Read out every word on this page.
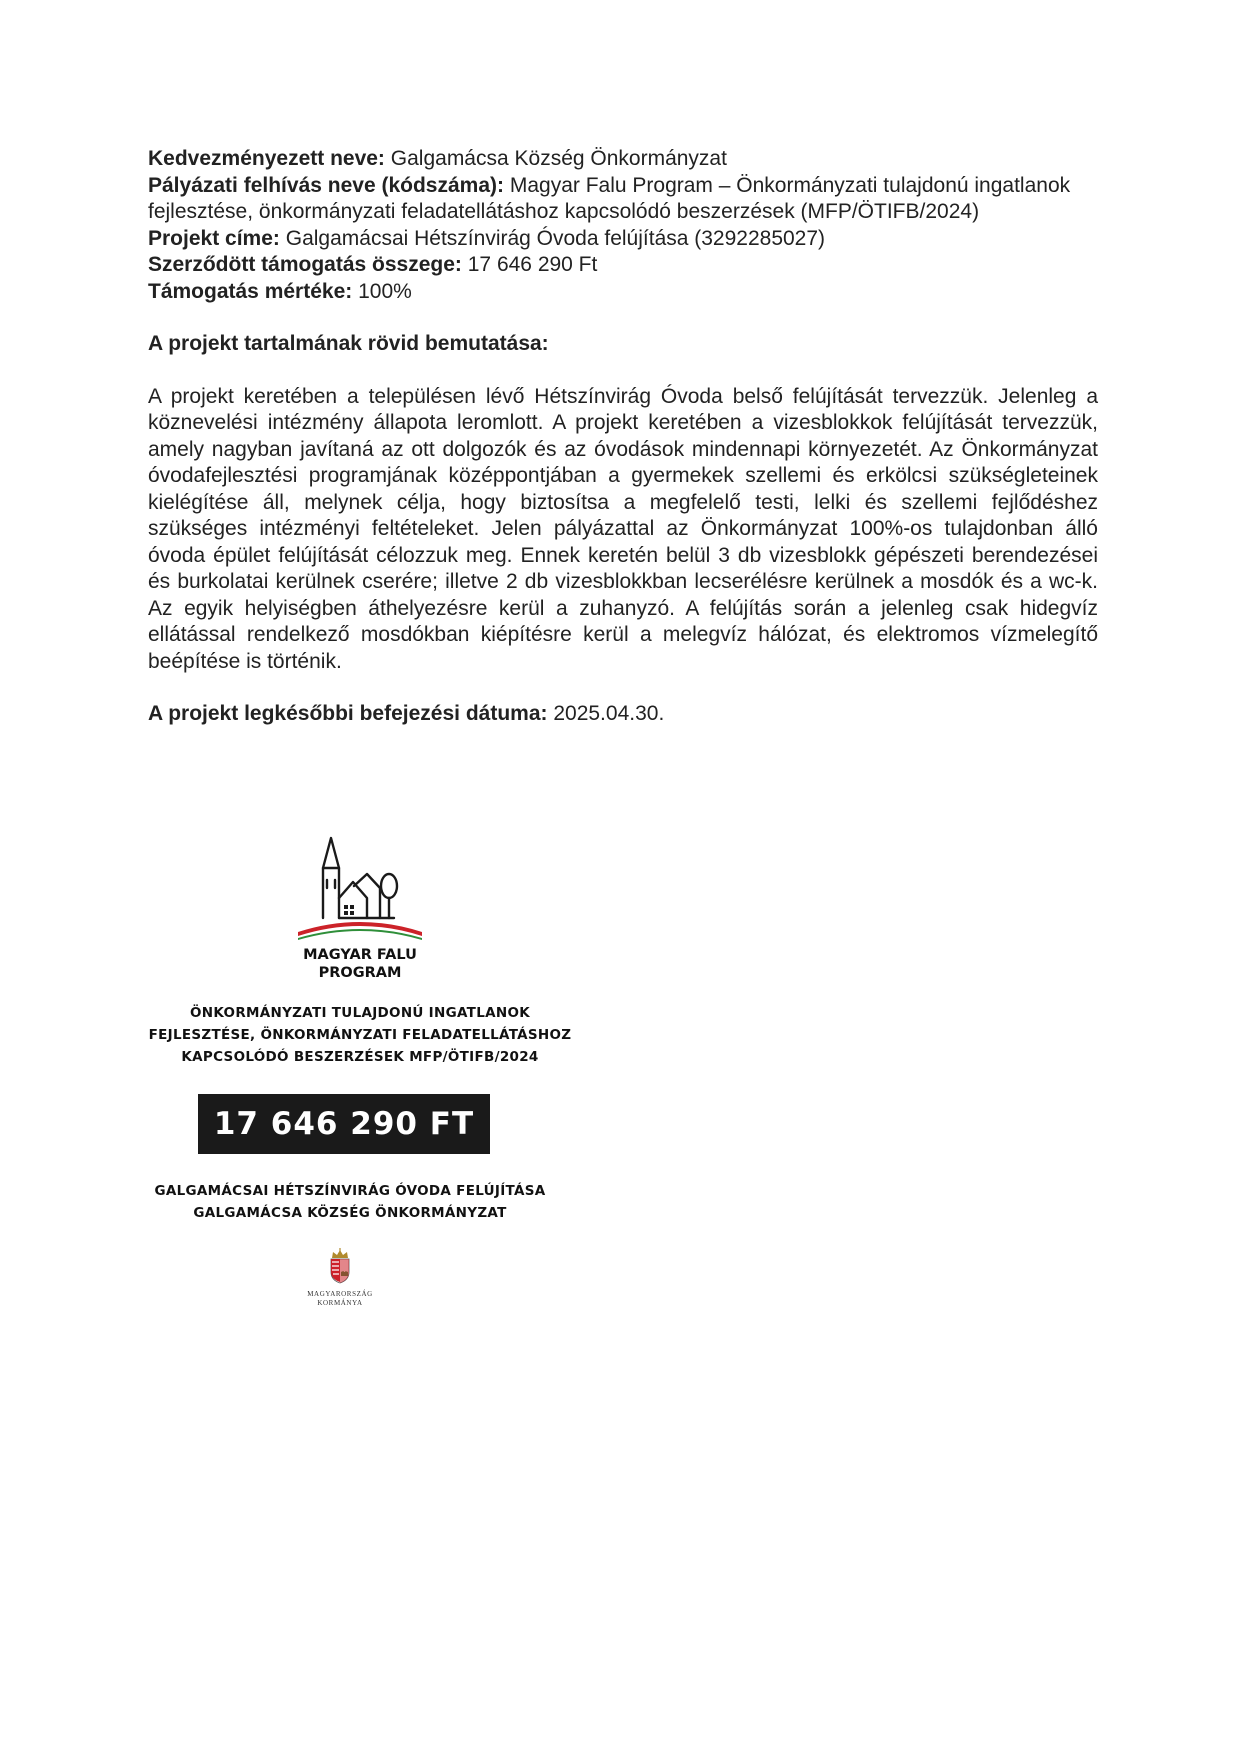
Kedvezményezett neve: Galgamácsa Község Önkormányzat

Pályázati felhívás neve (kódszáma): Magyar Falu Program – Önkormányzati tulajdonú ingatlanok fejlesztése, önkormányzati feladatellátáshoz kapcsolódó beszerzések (MFP/ÖTIFB/2024)

Projekt címe: Galgamácsai Hétszínvirág Óvoda felújítása (3292285027)

Szerződött támogatás összege: 17 646 290 Ft

Támogatás mértéke: 100%

A projekt tartalmának rövid bemutatása:

A projekt keretében a településen lévő Hétszínvirág Óvoda belső felújítását tervezzük. Jelenleg a köznevelési intézmény állapota leromlott. A projekt keretében a vizesblokkok felújítását tervezzük, amely nagyban javítaná az ott dolgozók és az óvodások mindennapi környezetét. Az Önkormányzat óvodafejlesztési programjának középpontjában a gyermekek szellemi és erkölcsi szükségleteinek kielégítése áll, melynek célja, hogy biztosítsa a megfelelő testi, lelki és szellemi fejlődéshez szükséges intézményi feltételeket. Jelen pályázattal az Önkormányzat 100%-os tulajdonban álló óvoda épület felújítását célozzuk meg. Ennek keretén belül 3 db vizesblokk gépészeti berendezései és burkolatai kerülnek cserére; illetve 2 db vizesblokkban lecserélésre kerülnek a mosdók és a wc-k. Az egyik helyiségben áthelyezésre kerül a zuhanyzó. A felújítás során a jelenleg csak hidegvíz ellátással rendelkező mosdókban kiépítésre kerül a melegvíz hálózat, és elektromos vízmelegítő beépítése is történik.

A projekt legkésőbbi befejezési dátuma: 2025.04.30.

MAGYAR FALU PROGRAM
ÖNKORMÁNYZATI TULAJDONÚ INGATLANOK FEJLESZTÉSE, ÖNKORMÁNYZATI FELADATELLÁTÁSHOZ KAPCSOLÓDÓ BESZERZÉSEK MFP/ÖTIFB/2024
17 646 290 FT
GALGAMÁCSAI HÉTSZÍNVIRÁG ÓVODA FELÚJÍTÁSA GALGAMÁCSA KÖZSÉG ÖNKORMÁNYZAT
MAGYARORSZÁG
KORMÁNYA
